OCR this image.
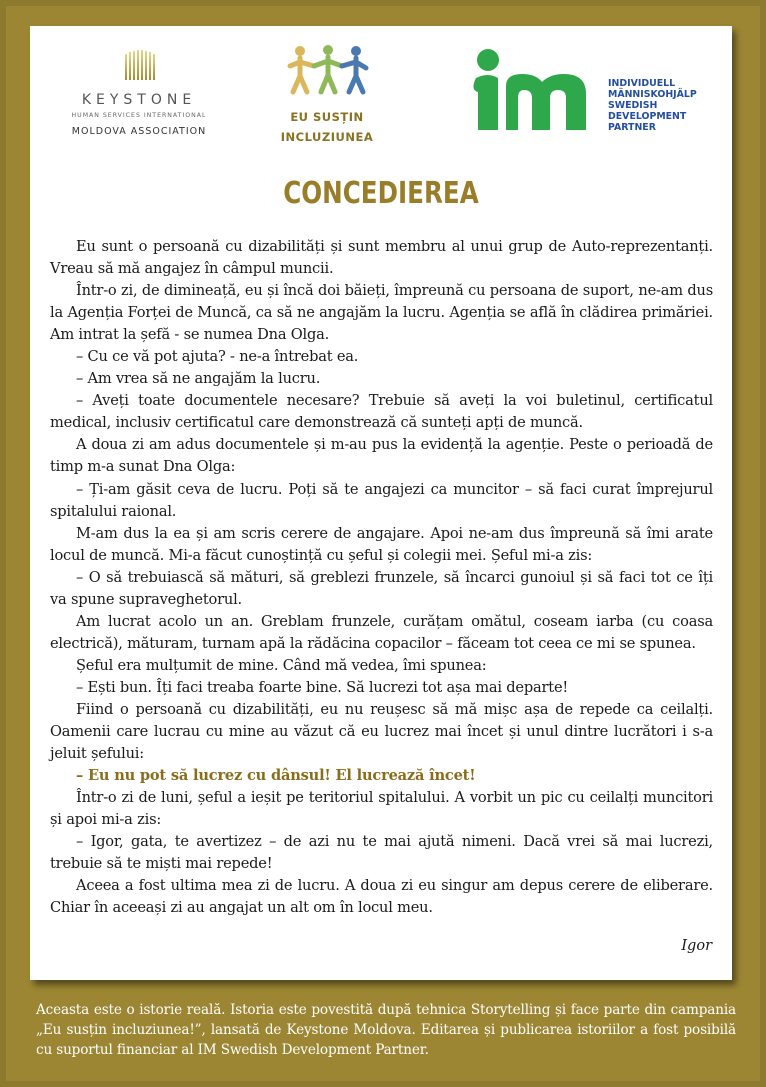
KEYSTONE
HUMAN SERVICES INTERNATIONAL
MOLDOVA ASSOCIATION
EU SUSȚIN
INCLUZIUNEA
INDIVIDUELL
MÄNNISKOHJÄLP
SWEDISH
DEVELOPMENT
PARTNER
CONCEDIEREA

Eu sunt o persoană cu dizabilități și sunt membru al unui grup de Auto-reprezentanți. Vreau să mă angajez în câmpul muncii.

Într-o zi, de dimineață, eu și încă doi băieți, împreună cu persoana de suport, ne-am dus la Agenția Forței de Muncă, ca să ne angajăm la lucru. Agenția se află în clădirea primăriei. Am intrat la șefă - se numea Dna Olga.

– Cu ce vă pot ajuta? - ne-a întrebat ea.

– Am vrea să ne angajăm la lucru.

– Aveți toate documentele necesare? Trebuie să aveți la voi buletinul, certificatul medical, inclusiv certificatul care demonstrează că sunteți apți de muncă.

A doua zi am adus documentele și m-au pus la evidență la agenție. Peste o perioadă de timp m-a sunat Dna Olga:

– Ți-am găsit ceva de lucru. Poți să te angajezi ca muncitor – să faci curat împrejurul spitalului raional.

M-am dus la ea și am scris cerere de angajare. Apoi ne-am dus împreună să îmi arate locul de muncă. Mi-a făcut cunoștință cu șeful și colegii mei. Șeful mi-a zis:

– O să trebuiască să mături, să greblezi frunzele, să încarci gunoiul și să faci tot ce îți va spune supraveghetorul.

Am lucrat acolo un an. Greblam frunzele, curățam omătul, coseam iarba (cu coasa electrică), măturam, turnam apă la rădăcina copacilor – făceam tot ceea ce mi se spunea.

Șeful era mulțumit de mine. Când mă vedea, îmi spunea:

– Ești bun. Îți faci treaba foarte bine. Să lucrezi tot așa mai departe!

Fiind o persoană cu dizabilități, eu nu reușesc să mă mișc așa de repede ca ceilalți. Oamenii care lucrau cu mine au văzut că eu lucrez mai încet și unul dintre lucrători i s-a jeluit șefului:

– Eu nu pot să lucrez cu dânsul! El lucrează încet!

Într-o zi de luni, șeful a ieșit pe teritoriul spitalului. A vorbit un pic cu ceilalți muncitori și apoi mi-a zis:

– Igor, gata, te avertizez – de azi nu te mai ajută nimeni. Dacă vrei să mai lucrezi, trebuie să te miști mai repede!

Aceea a fost ultima mea zi de lucru. A doua zi eu singur am depus cerere de eliberare. Chiar în aceeași zi au angajat un alt om în locul meu.

Igor
Aceasta este o istorie reală. Istoria este povestită după tehnica Storytelling și face parte din campania „Eu susțin incluziunea!”, lansată de Keystone Moldova. Editarea și publicarea istoriilor a fost posibilă cu suportul financiar al IM Swedish Development Partner.
